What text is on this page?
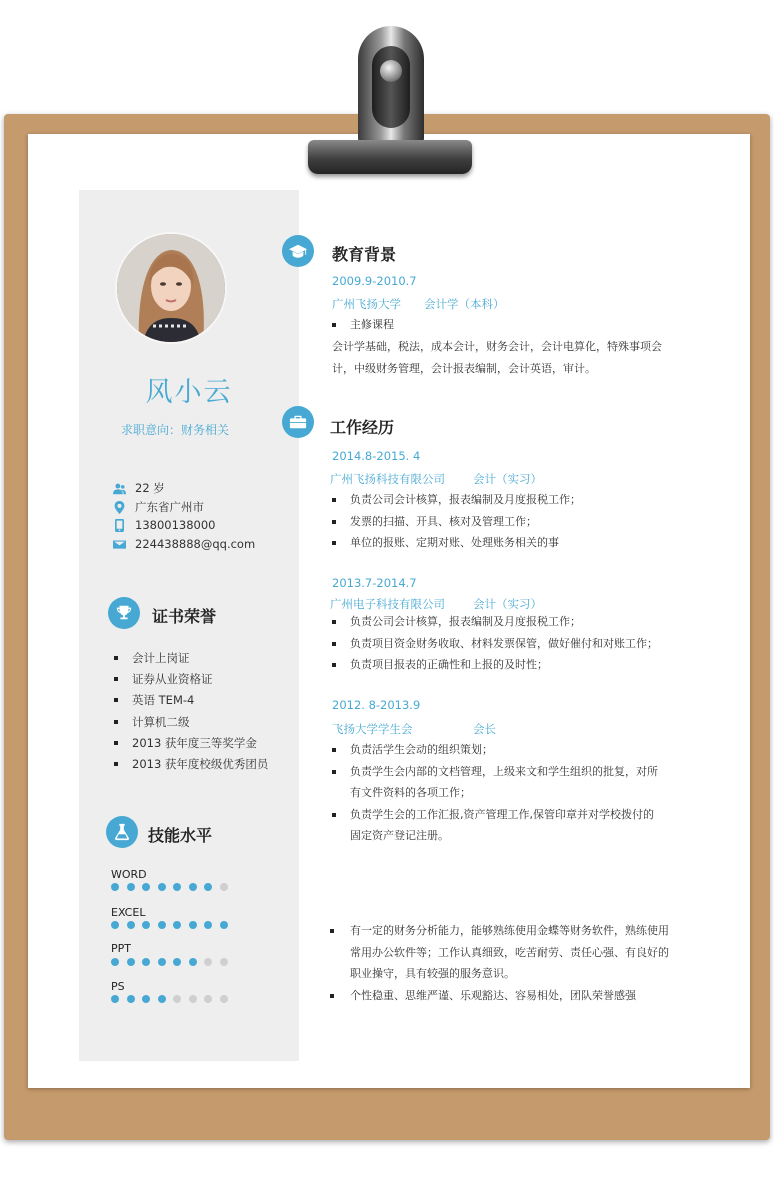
风小云
求职意向：财务相关
22 岁
广东省广州市
13800138000
224438888@qq.com
证书荣誉
会计上岗证
证券从业资格证
英语 TEM-4
计算机二级
2013 获年度三等奖学金
2013 获年度校级优秀团员
技能水平
WORD
EXCEL
PPT
PS
教育背景
2009.9-2010.7
广州飞扬大学	会计学（本科）
主修课程
会计学基础，税法，成本会计，财务会计，会计电算化，特殊事项会
计，中级财务管理，会计报表编制，会计英语，审计。
工作经历
2014.8-2015. 4
广州飞扬科技有限公司	会计（实习）
负责公司会计核算，报表编制及月度报税工作；
发票的扫描、开具、核对及管理工作；
单位的报账、定期对账、处理账务相关的事
2013.7-2014.7
广州电子科技有限公司	会计（实习）
负责公司会计核算，报表编制及月度报税工作；
负责项目资金财务收取、材料发票保管，做好催付和对账工作；
负责项目报表的正确性和上报的及时性；
2012. 8-2013.9
飞扬大学学生会	会长
负责活学生会动的组织策划；
负责学生会内部的文档管理，上级来文和学生组织的批复，对所
有文件资料的各项工作；
负责学生会的工作汇报,资产管理工作,保管印章并对学校拨付的
固定资产登记注册。
有一定的财务分析能力，能够熟练使用金蝶等财务软件，熟练使用
常用办公软件等；工作认真细致，吃苦耐劳、责任心强、有良好的
职业操守，具有较强的服务意识。
个性稳重、思维严谨、乐观豁达、容易相处，团队荣誉感强
